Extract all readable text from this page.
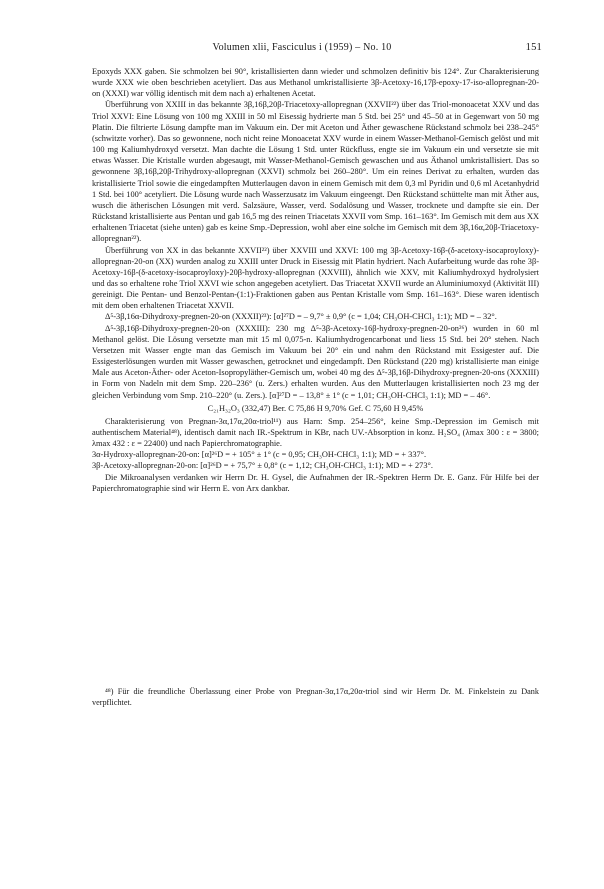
Volumen xlii, Fasciculus i (1959) – No. 10	151

Epoxyds XXX gaben. Sie schmolzen bei 90°, kristallisierten dann wieder und schmolzen definitiv bis 124°. Zur Charakterisierung wurde XXX wie oben beschrieben acetyliert. Das aus Methanol umkristallisierte 3β-Acetoxy-16,17β-epoxy-17-iso-allopregnan-20-on (XXXI) war völlig identisch mit dem nach a) erhaltenen Acetat.

Überführung von XXIII in das bekannte 3β,16β,20β-Triacetoxy-allopregnan (XXVII²²) über das Triol-monoacetat XXV und das Triol XXVI: Eine Lösung von 100 mg XXIII in 50 ml Eisessig hydrierte man 5 Std. bei 25° und 45–50 at in Gegenwart von 50 mg Platin. Die filtrierte Lösung dampfte man im Vakuum ein. Der mit Aceton und Äther gewaschene Rückstand schmolz bei 238–245° (schwitzte vorher). Das so gewonnene, noch nicht reine Monoacetat XXV wurde in einem Wasser-Methanol-Gemisch gelöst und mit 100 mg Kaliumhydroxyd versetzt. Man dachte die Lösung 1 Std. unter Rückfluss, engte sie im Vakuum ein und versetzte sie mit etwas Wasser. Die Kristalle wurden abgesaugt, mit Wasser-Methanol-Gemisch gewaschen und aus Äthanol umkristallisiert. Das so gewonnene 3β,16β,20β-Trihydroxy-allopregnan (XXVI) schmolz bei 260–280°. Um ein reines Derivat zu erhalten, wurden das kristallisierte Triol sowie die eingedampften Mutterlaugen davon in einem Gemisch mit dem 0,3 ml Pyridin und 0,6 ml Acetanhydrid 1 Std. bei 100° acetyliert. Die Lösung wurde nach Wasserzusatz im Vakuum eingeengt. Den Rückstand schüttelte man mit Äther aus, wusch die ätherischen Lösungen mit verd. Salzsäure, Wasser, verd. Sodalösung und Wasser, trocknete und dampfte sie ein. Der Rückstand kristallisierte aus Pentan und gab 16,5 mg des reinen Triacetats XXVII vom Smp. 161–163°. Im Gemisch mit dem aus XX erhaltenen Triacetat (siehe unten) gab es keine Smp.-Depression, wohl aber eine solche im Gemisch mit dem 3β,16α,20β-Triacetoxy-allopregnan²²).

Überführung von XX in das bekannte XXVII²²) über XXVIII und XXVI: 100 mg 3β-Acetoxy-16β-(δ-acetoxy-isocaproyloxy)-allopregnan-20-on (XX) wurden analog zu XXIII unter Druck in Eisessig mit Platin hydriert. Nach Aufarbeitung wurde das rohe 3β-Acetoxy-16β-(δ-acetoxy-isocaproyloxy)-20β-hydroxy-allopregnan (XXVIII), ähnlich wie XXV, mit Kaliumhydroxyd hydrolysiert und das so erhaltene rohe Triol XXVI wie schon angegeben acetyliert. Das Triacetat XXVII wurde an Aluminiumoxyd (Aktivität III) gereinigt. Die Pentan- und Benzol-Pentan-(1:1)-Fraktionen gaben aus Pentan Kristalle vom Smp. 161–163°. Diese waren identisch mit dem oben erhaltenen Triacetat XXVII.

Δ⁵-3β,16α-Dihydroxy-pregnen-20-on (XXXII)²³): [α]²⁷D = – 9,7° ± 0,9° (c = 1,04; CH₃OH-CHCl₃ 1:1); MD = – 32°.

Δ⁵-3β,16β-Dihydroxy-pregnen-20-on (XXXIII): 230 mg Δ⁵-3β-Acetoxy-16β-hydroxy-pregnen-20-on²⁶) wurden in 60 ml Methanol gelöst. Die Lösung versetzte man mit 15 ml 0,075-n. Kaliumhydrogencarbonat und liess 15 Std. bei 20° stehen. Nach Versetzen mit Wasser engte man das Gemisch im Vakuum bei 20° ein und nahm den Rückstand mit Essigester auf. Die Essigesterlösungen wurden mit Wasser gewaschen, getrocknet und eingedampft. Den Rückstand (220 mg) kristallisierte man einige Male aus Aceton-Äther- oder Aceton-Isopropyläther-Gemisch um, wobei 40 mg des Δ⁵-3β,16β-Dihydroxy-pregnen-20-ons (XXXIII) in Form von Nadeln mit dem Smp. 220–236° (u. Zers.) erhalten wurden. Aus den Mutterlaugen kristallisierten noch 23 mg der gleichen Verbindung vom Smp. 210–220° (u. Zers.). [α]²⁷D = – 13,8° ± 1° (c = 1,01; CH₃OH-CHCl₃ 1:1); MD = – 46°.

C₂₁H₃₂O₃ (332,47) Ber. C 75,86 H 9,70% Gef. C 75,60 H 9,45%

Charakterisierung von Pregnan-3α,17α,20α-triol¹¹) aus Harn: Smp. 254–256°, keine Smp.-Depression im Gemisch mit authentischem Material⁴⁸), identisch damit nach IR.-Spektrum in KBr, nach UV.-Absorption in konz. H₂SO₄ (λmax 300 : ε = 3800; λmax 432 : ε = 22400) und nach Papierchromatographie.

3α-Hydroxy-allopregnan-20-on: [α]²⁶D = + 105° ± 1° (c = 0,95; CH₃OH-CHCl₃ 1:1); MD = + 337°.

3β-Acetoxy-allopregnan-20-on: [α]²⁶D = + 75,7° ± 0,8° (c = 1,12; CH₃OH-CHCl₃ 1:1); MD = + 273°.

Die Mikroanalysen verdanken wir Herrn Dr. H. Gysel, die Aufnahmen der IR.-Spektren Herrn Dr. E. Ganz. Für Hilfe bei der Papierchromatographie sind wir Herrn E. von Arx dankbar.

⁴⁸) Für die freundliche Überlassung einer Probe von Pregnan-3α,17α,20α-triol sind wir Herrn Dr. M. Finkelstein zu Dank verpflichtet.
